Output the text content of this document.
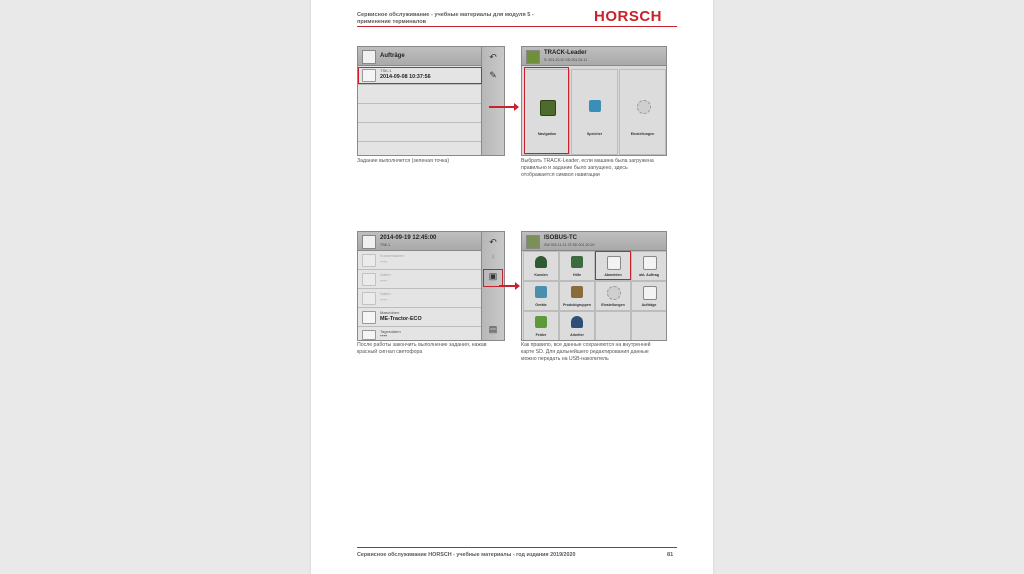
Сервисное обслуживание - учебные материалы для модуля 5 - применение терминалов	HORSCH
Aufträge
TSK-1
2014-09-08 10:37:56
↶
✎
Задание выполняется (зеленая точка)
TRACK-Leader
S: 001.20.20 SD 001.04.11
Navigation	Speicher	Einstellungen
Выбрать TRACK-Leader, если машина была загружена правильно и задание было запущено, здесь отображается символ навигации
2014-09-19 12:45:00
TSK-1
Kundendaten
----
Daten
----
Daten
----
Maschinen
ME-Tractor-ECO
Tagesdaten
----
↶
II
▣
▤
После работы закончить выполнение задания, нажав красный сигнал светофора
ISOBUS-TC
SW 002.11.21.75 SD 001.20.20
Kunden	Höfe	Abmelden	akt. Auftrag
Geräte	Produktgruppen	Einstellungen	Aufträge
Felder	Arbeiter
Как правило, все данные сохраняются на внутренней карте SD. Для дальнейшего редактирования данные можно передать на USB-накопитель
Сервисное обслуживание HORSCH - учебные материалы - год издания 2019/2020	81
